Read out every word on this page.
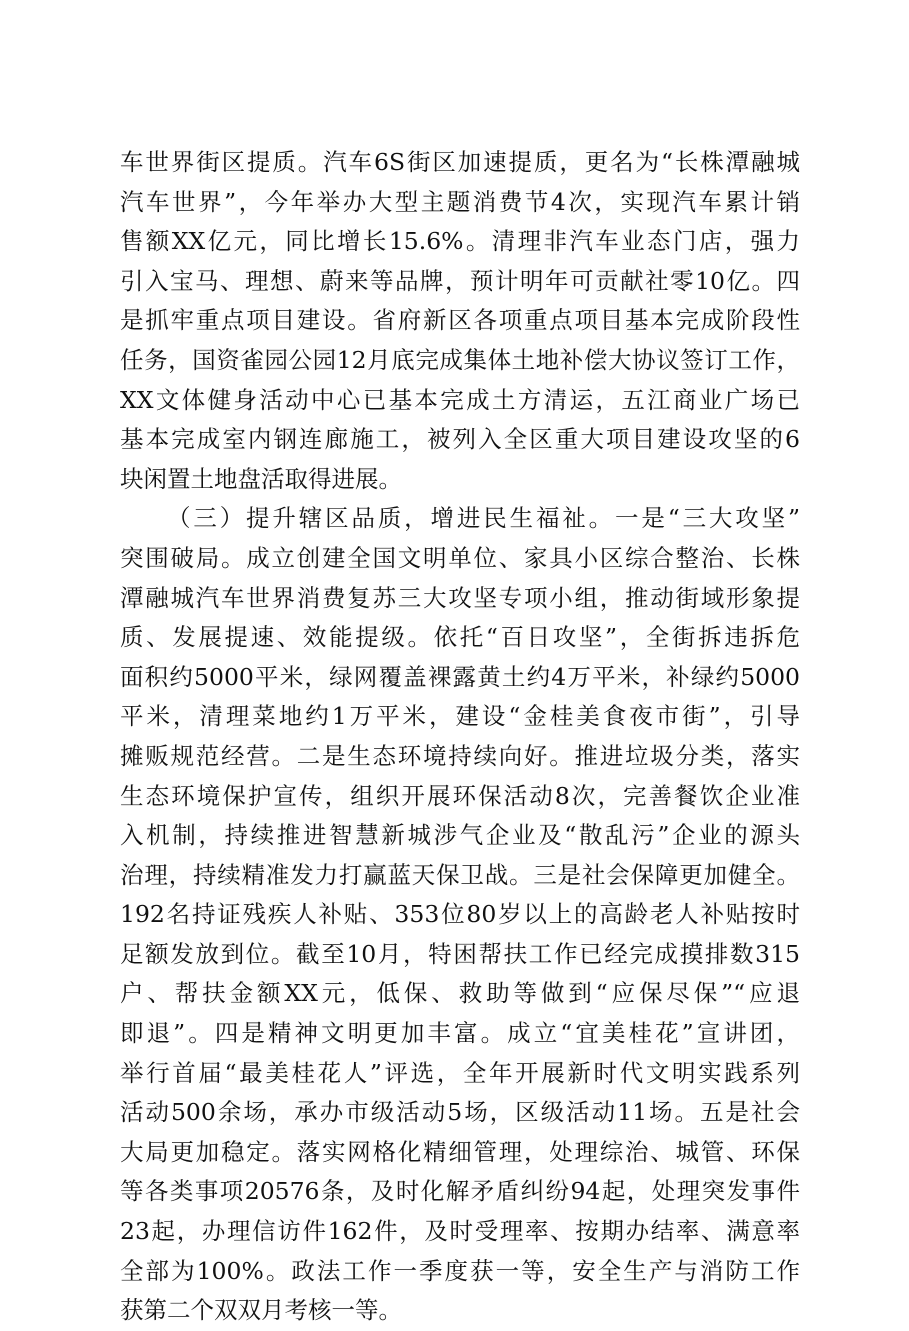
车世界街区提质。汽车6S街区加速提质，更名为“长株潭融城
汽车世界”，今年举办大型主题消费节4次，实现汽车累计销
售额XX亿元，同比增长15.6%。清理非汽车业态门店，强力
引入宝马、理想、蔚来等品牌，预计明年可贡献社零10亿。四
是抓牢重点项目建设。省府新区各项重点项目基本完成阶段性
任务，国资雀园公园12月底完成集体土地补偿大协议签订工作，
XX文体健身活动中心已基本完成土方清运，五江商业广场已
基本完成室内钢连廊施工，被列入全区重大项目建设攻坚的6
块闲置土地盘活取得进展。
（三）提升辖区品质，增进民生福祉。一是“三大攻坚”
突围破局。成立创建全国文明单位、家具小区综合整治、长株
潭融城汽车世界消费复苏三大攻坚专项小组，推动街域形象提
质、发展提速、效能提级。依托“百日攻坚”，全街拆违拆危
面积约5000平米，绿网覆盖裸露黄土约4万平米，补绿约5000
平米，清理菜地约1万平米，建设“金桂美食夜市街”，引导
摊贩规范经营。二是生态环境持续向好。推进垃圾分类，落实
生态环境保护宣传，组织开展环保活动8次，完善餐饮企业准
入机制，持续推进智慧新城涉气企业及“散乱污”企业的源头
治理，持续精准发力打赢蓝天保卫战。三是社会保障更加健全。
192名持证残疾人补贴、353位80岁以上的高龄老人补贴按时
足额发放到位。截至10月，特困帮扶工作已经完成摸排数315
户、帮扶金额XX元，低保、救助等做到“应保尽保”“应退
即退”。四是精神文明更加丰富。成立“宜美桂花”宣讲团，
举行首届“最美桂花人”评选，全年开展新时代文明实践系列
活动500余场，承办市级活动5场，区级活动11场。五是社会
大局更加稳定。落实网格化精细管理，处理综治、城管、环保
等各类事项20576条，及时化解矛盾纠纷94起，处理突发事件
23起，办理信访件162件，及时受理率、按期办结率、满意率
全部为100%。政法工作一季度获一等，安全生产与消防工作
获第二个双双月考核一等。
